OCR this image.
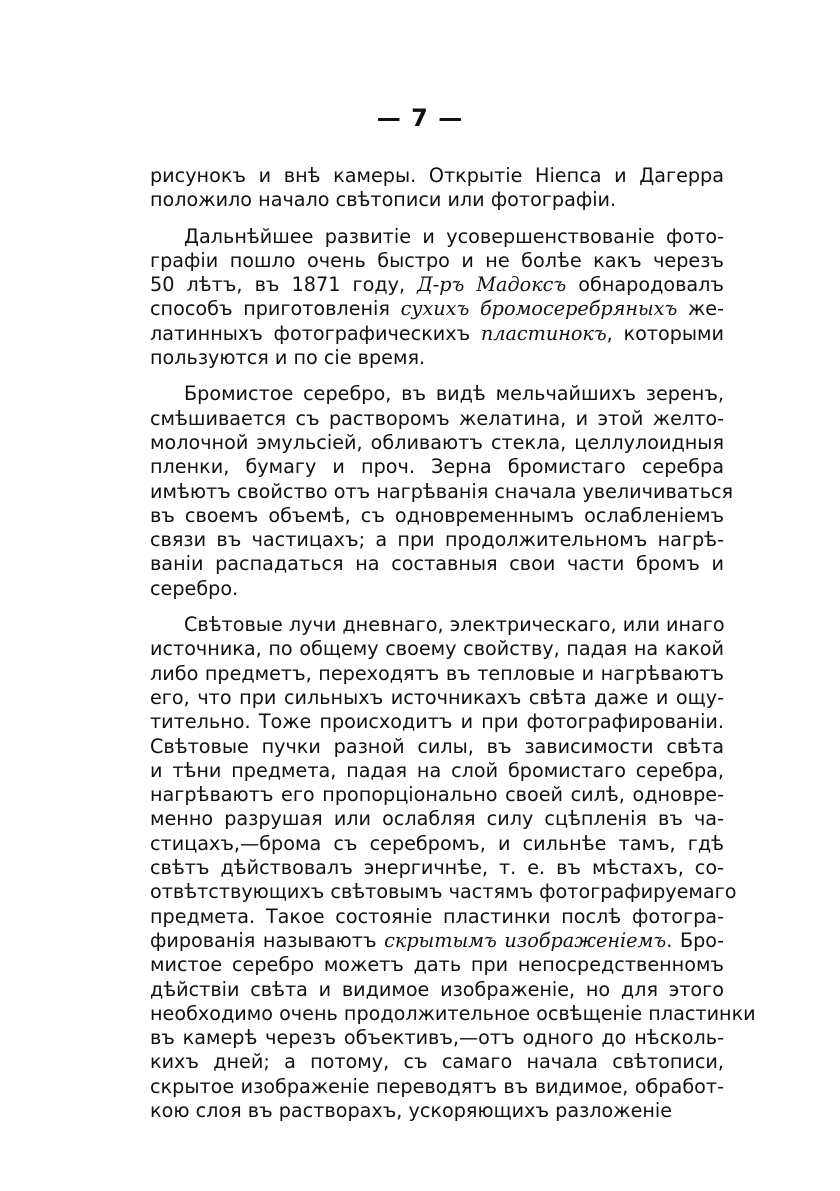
— 7 —
рисунокъ и внѣ камеры. Открытіе Ніепса и Дагерра
положило начало свѣтописи или фотографіи.
Дальнѣйшее развитіе и усовершенствованіе фото-
графіи пошло очень быстро и не болѣе какъ черезъ
50 лѣтъ, въ 1871 году, Д-ръ Мадоксъ обнародовалъ
способъ приготовленія сухихъ бромосеребряныхъ же-
латинныхъ фотографическихъ пластинокъ, которыми
пользуются и по сіе время.
Бромистое серебро, въ видѣ мельчайшихъ зеренъ,
смѣшивается съ растворомъ желатина, и этой желто-
молочной эмульсіей, обливаютъ стекла, целлулоидныя
пленки, бумагу и проч. Зерна бромистаго серебра
имѣютъ свойство отъ нагрѣванія сначала увеличиваться
въ своемъ объемѣ, съ одновременнымъ ослабленіемъ
связи въ частицахъ; а при продолжительномъ нагрѣ-
ваніи распадаться на составныя свои части бромъ и
серебро.
Свѣтовые лучи дневнаго, электрическаго, или инаго
источника, по общему своему свойству, падая на какой
либо предметъ, переходятъ въ тепловые и нагрѣваютъ
его, что при сильныхъ источникахъ свѣта даже и ощу-
тительно. Тоже происходитъ и при фотографированіи.
Свѣтовые пучки разной силы, въ зависимости свѣта
и тѣни предмета, падая на слой бромистаго серебра,
нагрѣваютъ его пропорціонально своей силѣ, одновре-
менно разрушая или ослабляя силу сцѣпленія въ ча-
стицахъ,—брома съ серебромъ, и сильнѣе тамъ, гдѣ
свѣтъ дѣйствовалъ энергичнѣе, т. е. въ мѣстахъ, со-
отвѣтствующихъ свѣтовымъ частямъ фотографируемаго
предмета. Такое состояніе пластинки послѣ фотогра-
фированія называютъ скрытымъ изображеніемъ. Бро-
мистое серебро можетъ дать при непосредственномъ
дѣйствіи свѣта и видимое изображеніе, но для этого
необходимо очень продолжительное освѣщеніе пластинки
въ камерѣ черезъ объективъ,—отъ одного до нѣсколь-
кихъ дней; а потому, съ самаго начала свѣтописи,
скрытое изображеніе переводятъ въ видимое, обработ-
кою слоя въ растворахъ, ускоряющихъ разложеніе
